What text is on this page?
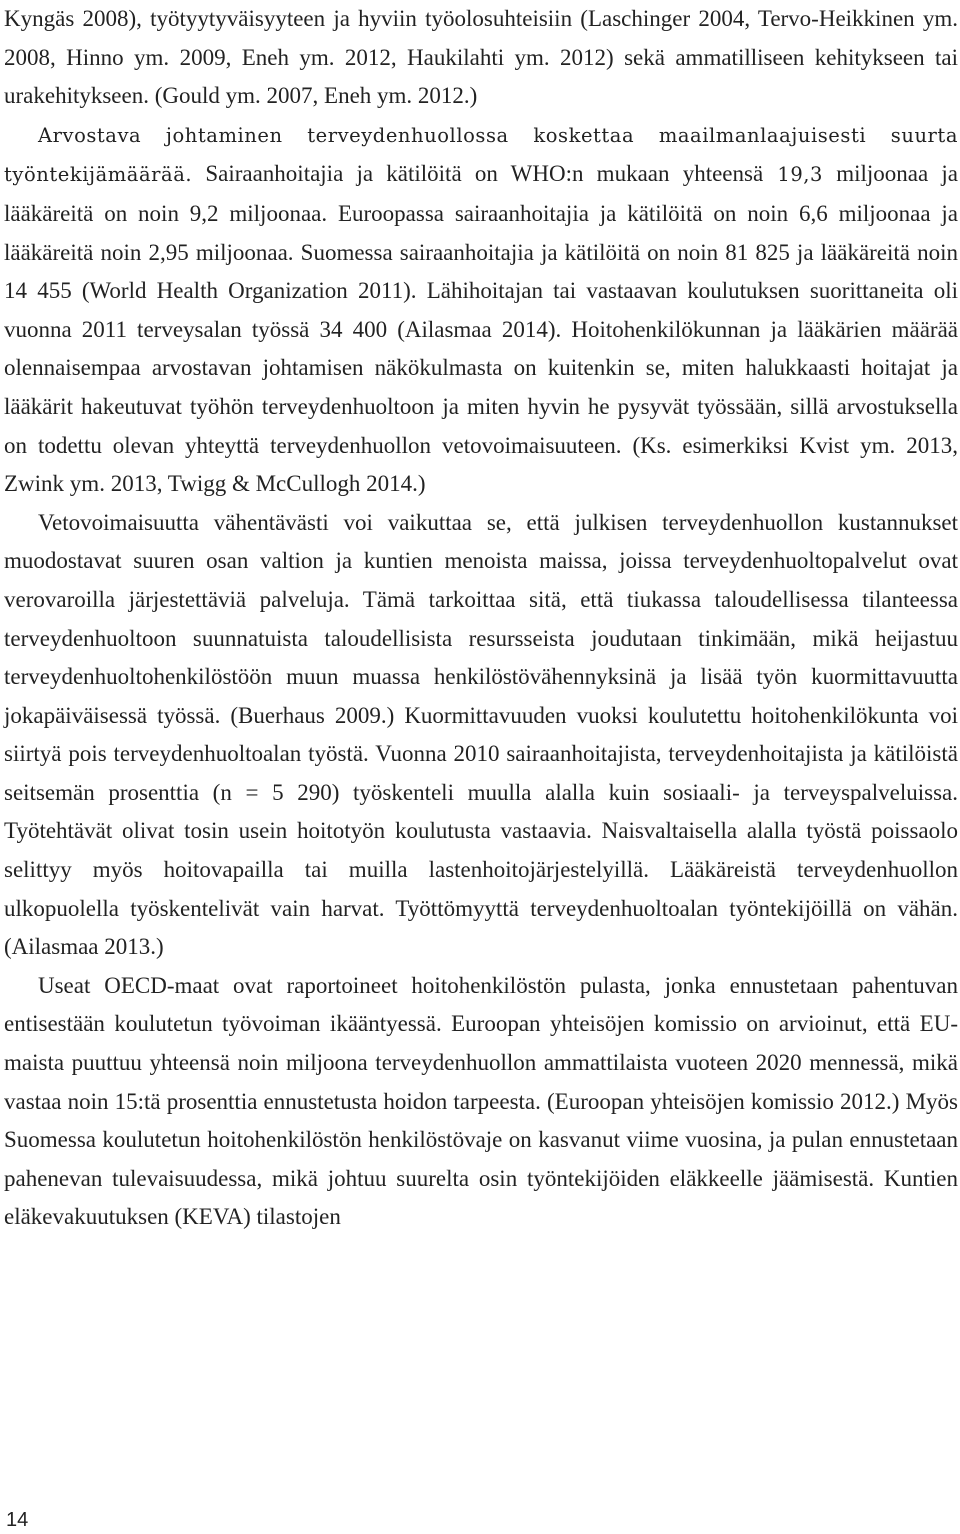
Kyngäs 2008), työtyytyväisyyteen ja hyviin työolosuhteisiin (Laschinger 2004, Tervo-Heikkinen ym. 2008, Hinno ym. 2009, Eneh ym. 2012, Haukilahti ym. 2012) sekä ammatilliseen kehitykseen tai urakehitykseen. (Gould ym. 2007, Eneh ym. 2012.)

Arvostava johtaminen terveydenhuollossa koskettaa maailmanlaajuisesti suurta työntekijämäärää. Sairaanhoitajia ja kätilöitä on WHO:n mukaan yhteensä 19,3 miljoonaa ja lääkäreitä on noin 9,2 miljoonaa. Euroopassa sairaanhoitajia ja kätilöitä on noin 6,6 miljoonaa ja lääkäreitä noin 2,95 miljoonaa. Suomessa sairaanhoitajia ja kätilöitä on noin 81 825 ja lääkäreitä noin 14 455 (World Health Organization 2011). Lähihoitajan tai vastaavan koulutuksen suorittaneita oli vuonna 2011 terveysalan työssä 34 400 (Ailasmaa 2014). Hoitohenkilökunnan ja lääkärien määrää olennaisempaa arvostavan johtamisen näkökulmasta on kuitenkin se, miten halukkaasti hoitajat ja lääkärit hakeutuvat työhön terveydenhuoltoon ja miten hyvin he pysyvät työssään, sillä arvostuksella on todettu olevan yhteyttä terveydenhuollon vetovoimaisuuteen. (Ks. esimerkiksi Kvist ym. 2013, Zwink ym. 2013, Twigg & McCullogh 2014.)

Vetovoimaisuutta vähentävästi voi vaikuttaa se, että julkisen terveydenhuollon kustannukset muodostavat suuren osan valtion ja kuntien menoista maissa, joissa terveydenhuoltopalvelut ovat verovaroilla järjestettäviä palveluja. Tämä tarkoittaa sitä, että tiukassa taloudellisessa tilanteessa terveydenhuoltoon suunnatuista taloudellisista resursseista joudutaan tinkimään, mikä heijastuu terveydenhuoltohenkilöstöön muun muassa henkilöstövähennyksinä ja lisää työn kuormittavuutta jokapäiväisessä työssä. (Buerhaus 2009.) Kuormittavuuden vuoksi koulutettu hoitohenkilökunta voi siirtyä pois terveydenhuoltoalan työstä. Vuonna 2010 sairaanhoitajista, terveydenhoitajista ja kätilöistä seitsemän prosenttia (n = 5 290) työskenteli muulla alalla kuin sosiaali- ja terveyspalveluissa. Työtehtävät olivat tosin usein hoitotyön koulutusta vastaavia. Naisvaltaisella alalla työstä poissaolo selittyy myös hoitovapailla tai muilla lastenhoitojärjestelyillä. Lääkäreistä terveydenhuollon ulkopuolella työskentelivät vain harvat. Työttömyyttä terveydenhuoltoalan työntekijöillä on vähän. (Ailasmaa 2013.)

Useat OECD-maat ovat raportoineet hoitohenkilöstön pulasta, jonka ennustetaan pahentuvan entisestään koulutetun työvoiman ikääntyessä. Euroopan yhteisöjen komissio on arvioinut, että EU-maista puuttuu yhteensä noin miljoona terveydenhuollon ammattilaista vuoteen 2020 mennessä, mikä vastaa noin 15:tä prosenttia ennustetusta hoidon tarpeesta. (Euroopan yhteisöjen komissio 2012.) Myös Suomessa koulutetun hoitohenkilöstön henkilöstövaje on kasvanut viime vuosina, ja pulan ennustetaan pahenevan tulevaisuudessa, mikä johtuu suurelta osin työntekijöiden eläkkeelle jäämisestä. Kuntien eläkevakuutuksen (KEVA) tilastojen

14
